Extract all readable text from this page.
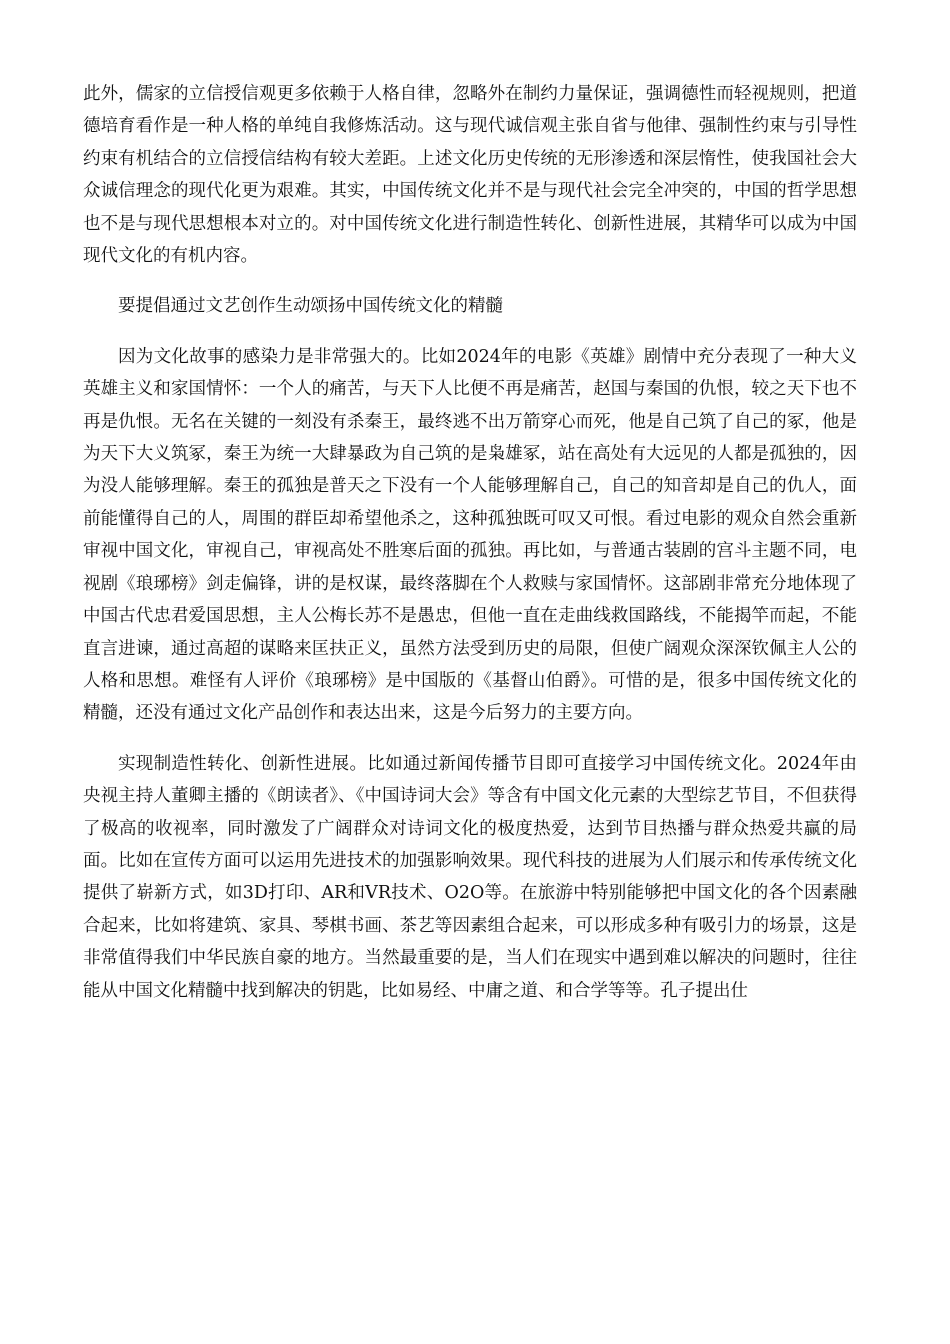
此外，儒家的立信授信观更多依赖于人格自律，忽略外在制约力量保证，强调德性而轻视规则，把道德培育看作是一种人格的单纯自我修炼活动。这与现代诚信观主张自省与他律、强制性约束与引导性约束有机结合的立信授信结构有较大差距。上述文化历史传统的无形渗透和深层惰性，使我国社会大众诚信理念的现代化更为艰难。其实，中国传统文化并不是与现代社会完全冲突的，中国的哲学思想也不是与现代思想根本对立的。对中国传统文化进行制造性转化、创新性进展，其精华可以成为中国现代文化的有机内容。

要提倡通过文艺创作生动颂扬中国传统文化的精髓

因为文化故事的感染力是非常强大的。比如2024年的电影《英雄》剧情中充分表现了一种大义英雄主义和家国情怀：一个人的痛苦，与天下人比便不再是痛苦，赵国与秦国的仇恨，较之天下也不再是仇恨。无名在关键的一刻没有杀秦王，最终逃不出万箭穿心而死，他是自己筑了自己的冢，他是为天下大义筑冢，秦王为统一大肆暴政为自己筑的是枭雄冢，站在高处有大远见的人都是孤独的，因为没人能够理解。秦王的孤独是普天之下没有一个人能够理解自己，自己的知音却是自己的仇人，面前能懂得自己的人，周围的群臣却希望他杀之，这种孤独既可叹又可恨。看过电影的观众自然会重新审视中国文化，审视自己，审视高处不胜寒后面的孤独。再比如，与普通古装剧的宫斗主题不同，电视剧《琅琊榜》剑走偏锋，讲的是权谋，最终落脚在个人救赎与家国情怀。这部剧非常充分地体现了中国古代忠君爱国思想，主人公梅长苏不是愚忠，但他一直在走曲线救国路线，不能揭竿而起，不能直言进谏，通过高超的谋略来匡扶正义，虽然方法受到历史的局限，但使广阔观众深深钦佩主人公的人格和思想。难怪有人评价《琅琊榜》是中国版的《基督山伯爵》。可惜的是，很多中国传统文化的精髓，还没有通过文化产品创作和表达出来，这是今后努力的主要方向。

实现制造性转化、创新性进展。比如通过新闻传播节目即可直接学习中国传统文化。2024年由央视主持人董卿主播的《朗读者》、《中国诗词大会》等含有中国文化元素的大型综艺节目，不但获得了极高的收视率，同时激发了广阔群众对诗词文化的极度热爱，达到节目热播与群众热爱共赢的局面。比如在宣传方面可以运用先进技术的加强影响效果。现代科技的进展为人们展示和传承传统文化提供了崭新方式，如3D打印、AR和VR技术、O2O等。在旅游中特别能够把中国文化的各个因素融合起来，比如将建筑、家具、琴棋书画、茶艺等因素组合起来，可以形成多种有吸引力的场景，这是非常值得我们中华民族自豪的地方。当然最重要的是，当人们在现实中遇到难以解决的问题时，往往能从中国文化精髓中找到解决的钥匙，比如易经、中庸之道、和合学等等。孔子提出仕
